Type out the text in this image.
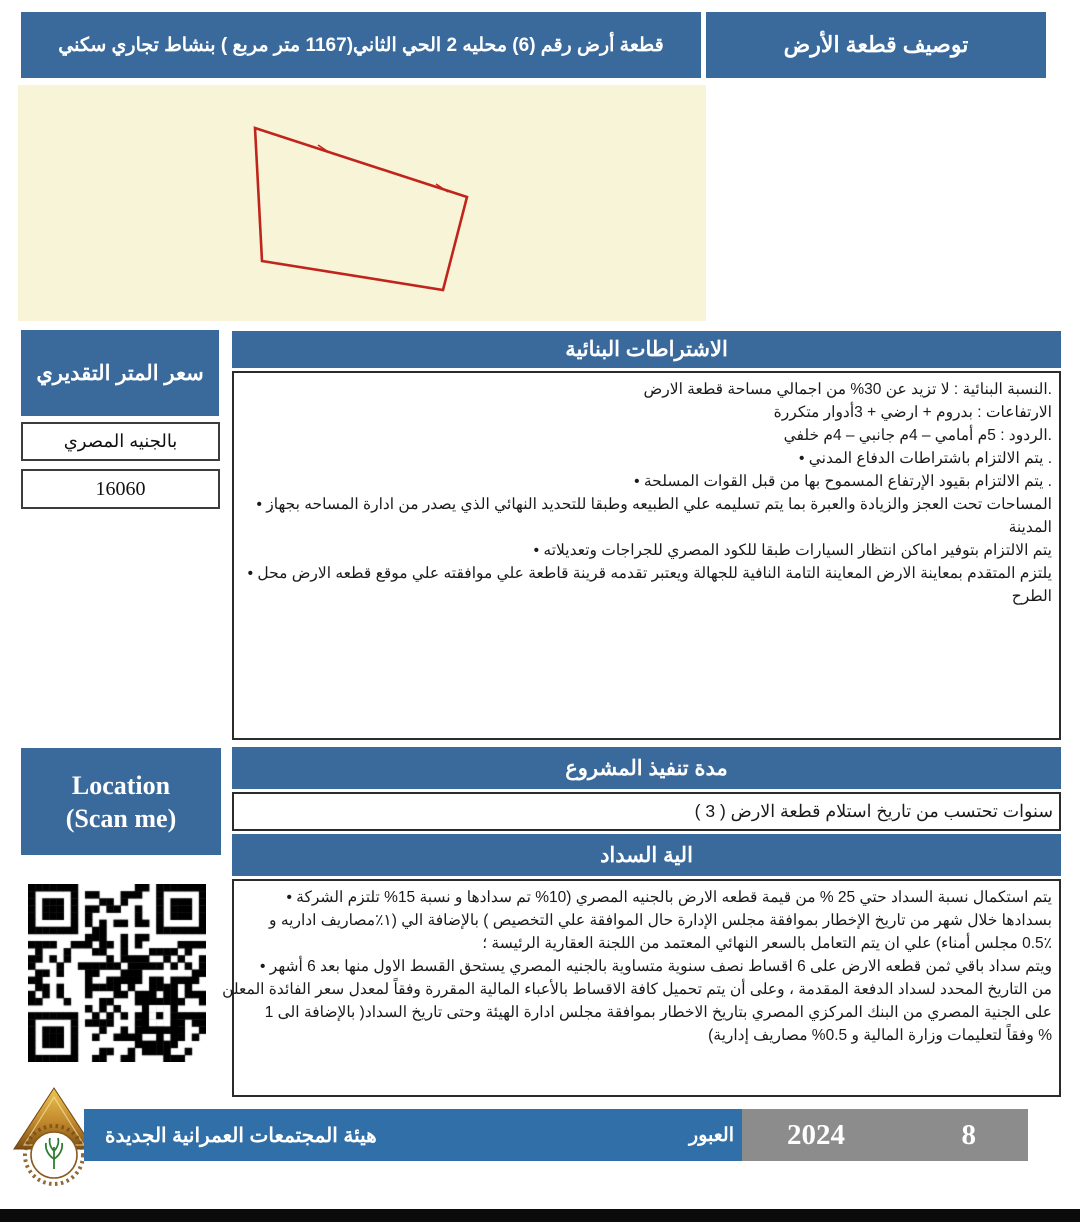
توصيف قطعة الأرض
قطعة أرض رقم (6) محليه 2 الحي الثاني(1167 متر مربع ) بنشاط تجاري سكني
سعر المتر التقديري
بالجنيه المصري
16060
الاشتراطات البنائية
.النسبة البنائية : لا تزيد عن 30% من اجمالي مساحة قطعة الارض
الارتفاعات : بدروم + ارضي + 3أدوار متكررة
.الردود : 5م أمامي – 4م جانبي – 4م خلفي
. يتم الالتزام باشتراطات الدفاع المدني •
. يتم الالتزام بقيود الإرتفاع المسموح بها من قبل القوات المسلحة •
المساحات تحت العجز والزيادة والعبرة بما يتم تسليمه علي الطبيعه وطبقا للتحديد النهائي الذي يصدر من ادارة المساحه بجهاز •
المدينة
يتم الالتزام بتوفير اماكن انتظار السيارات طبقا للكود المصري للجراجات وتعديلاته •
يلتزم المتقدم بمعاينة الارض المعاينة التامة النافية للجهالة ويعتبر تقدمه قرينة قاطعة علي موافقته علي موقع قطعه الارض محل •
الطرح
مدة تنفيذ المشروع
سنوات تحتسب من تاريخ استلام قطعة الارض ( 3 )
الية السداد
يتم استكمال نسبة السداد حتي 25 % من قيمة قطعه الارض بالجنيه المصري (10% تم سدادها و نسبة 15% تلتزم الشركة •
بسدادها خلال شهر من تاريخ الإخطار بموافقة مجلس الإدارة حال الموافقة علي التخصيص ) بالإضافة الي (١٪مصاريف اداريه و
0.5٪ مجلس أمناء) علي ان يتم التعامل بالسعر النهائي المعتمد من اللجنة العقارية الرئيسة ؛
ويتم سداد باقي ثمن قطعه الارض على 6 اقساط نصف سنوية متساوية بالجنيه المصري يستحق القسط الاول منها بعد 6 أشهر •
من التاريخ المحدد لسداد الدفعة المقدمة ، وعلى أن يتم تحميل كافة الاقساط بالأعباء المالية المقررة وفقاً لمعدل سعر الفائدة المعلن
على الجنية المصري من البنك المركزي المصري بتاريخ الاخطار بموافقة مجلس ادارة الهيئة وحتى تاريخ السداد( بالإضافة الى 1
% وفقاً لتعليمات وزارة المالية و 0.5% مصاريف إدارية)
Location
(Scan me)
العبور
هيئة المجتمعات العمرانية الجديدة	2024	8
